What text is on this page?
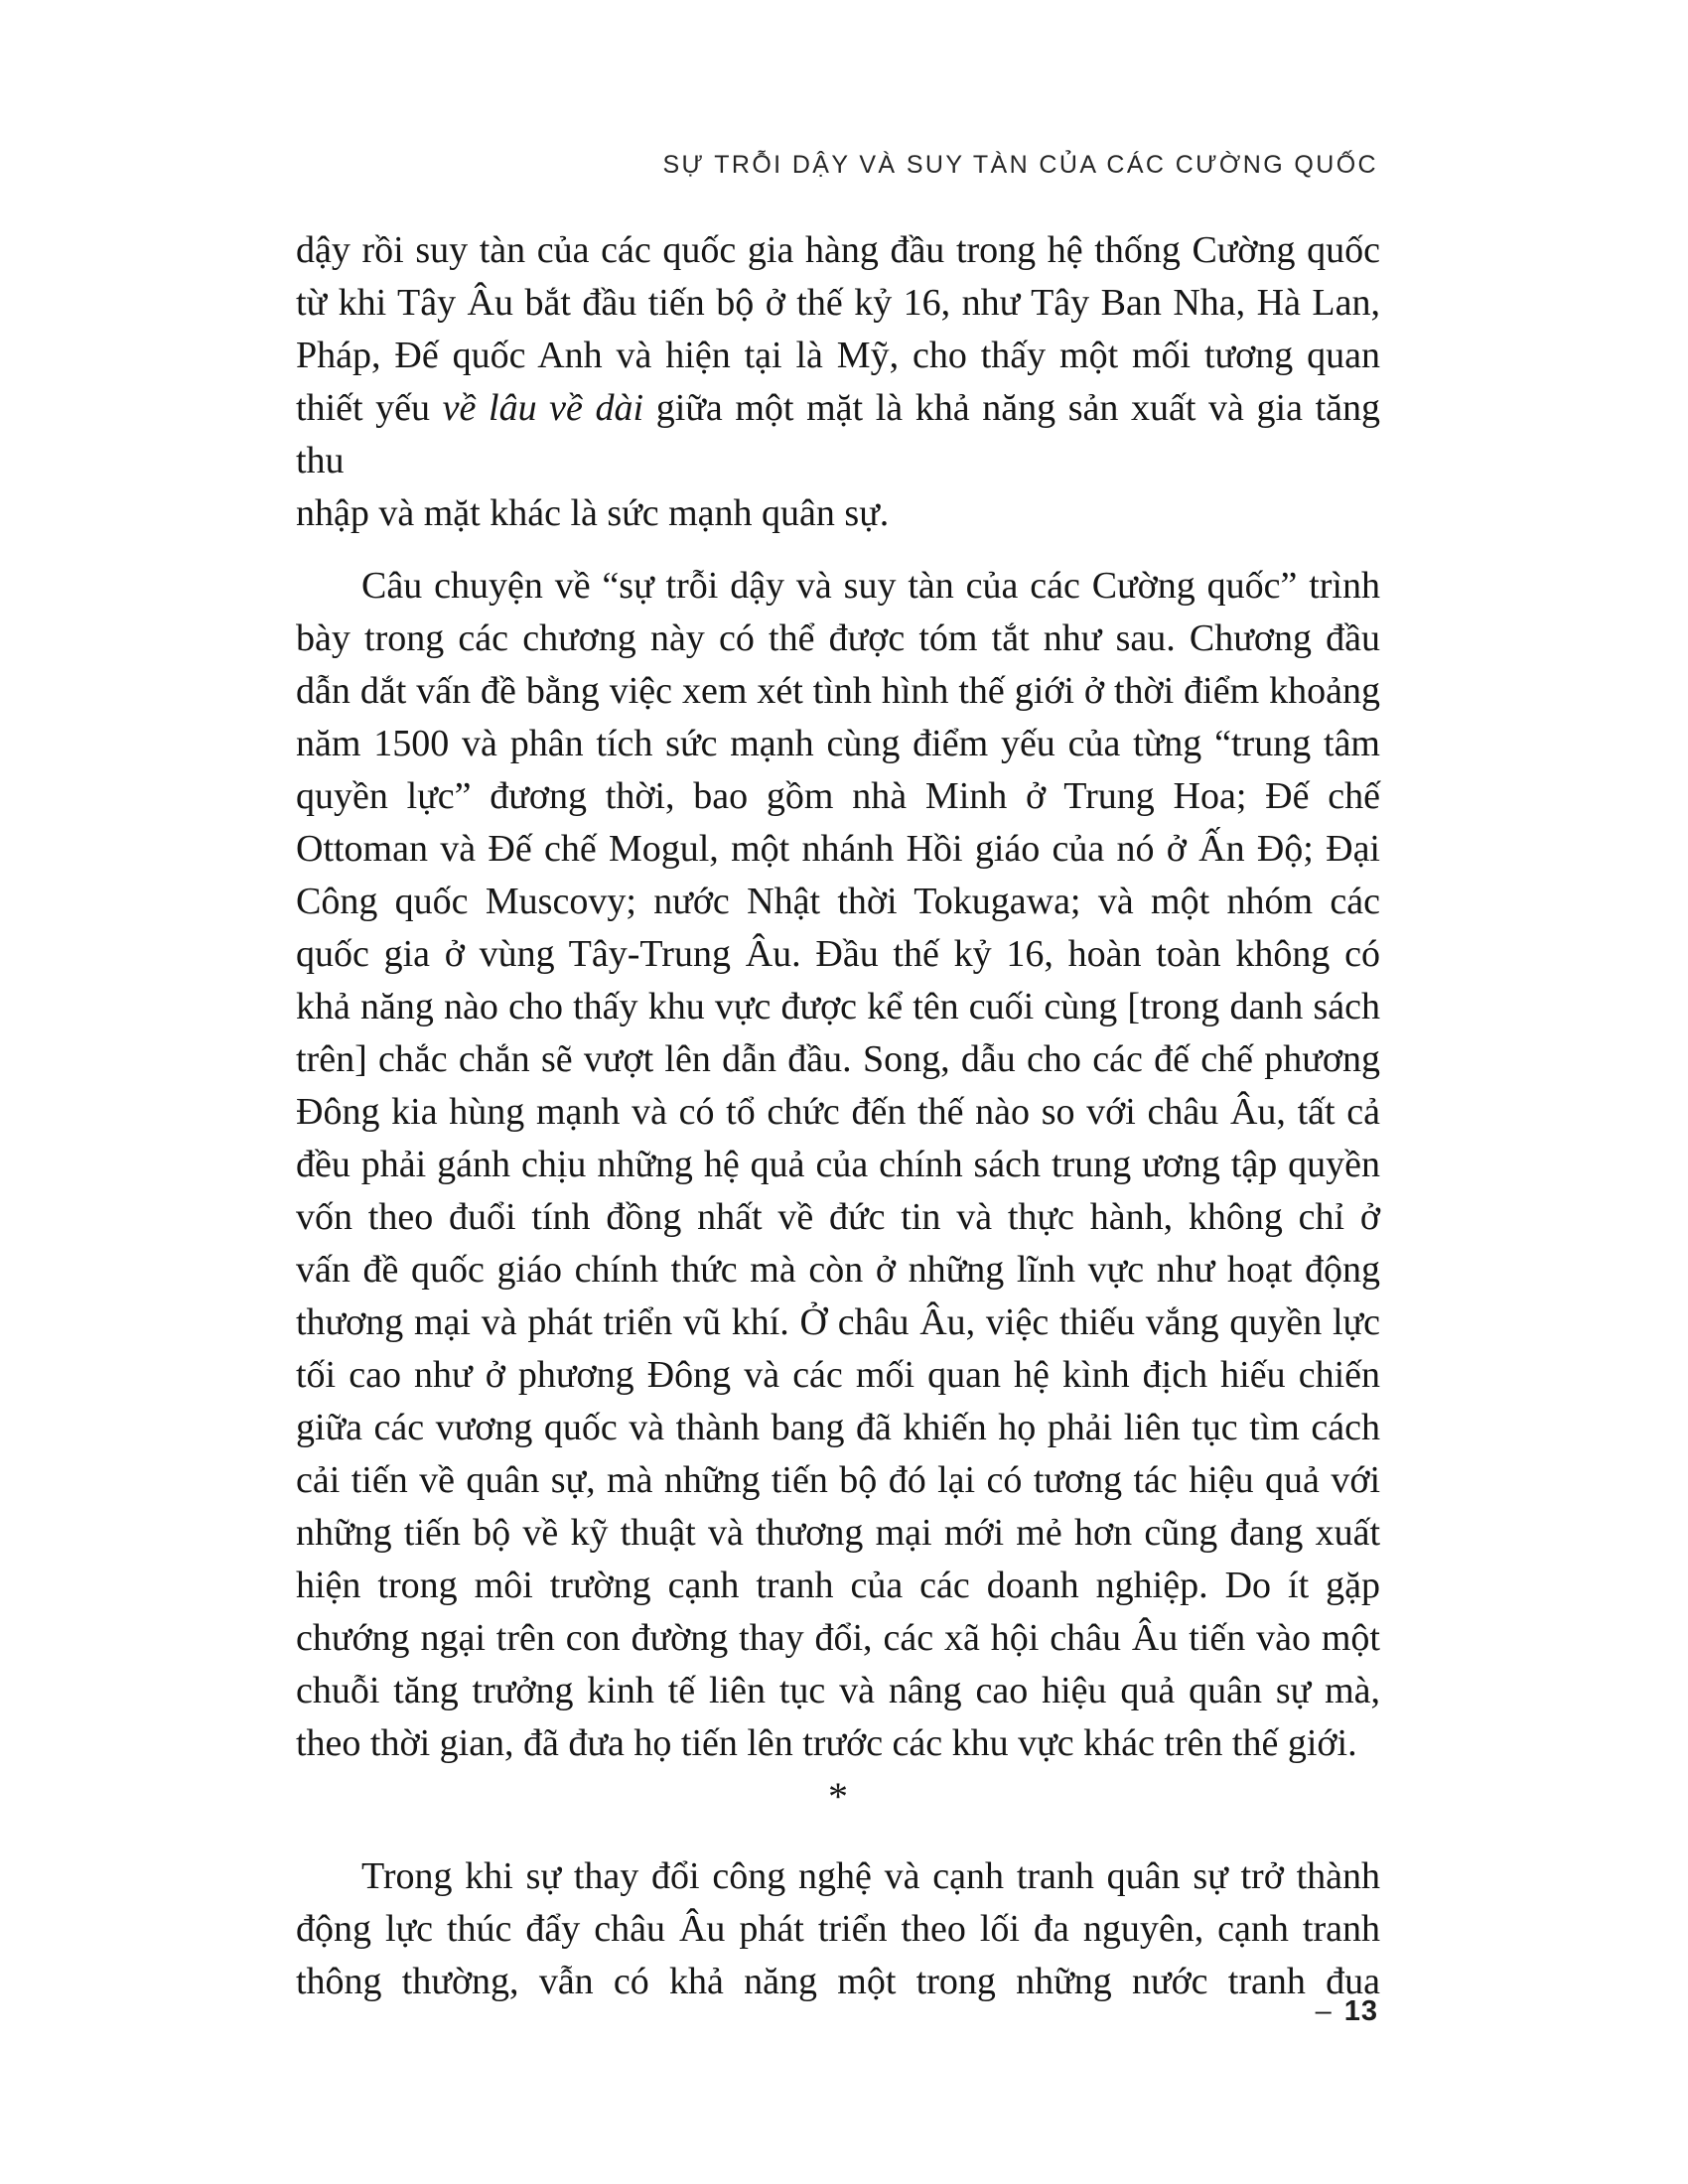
SỰ TRỖI DẬY VÀ SUY TÀN CỦA CÁC CƯỜNG QUỐC
dậy rồi suy tàn của các quốc gia hàng đầu trong hệ thống Cường quốc
từ khi Tây Âu bắt đầu tiến bộ ở thế kỷ 16, như Tây Ban Nha, Hà Lan,
Pháp, Đế quốc Anh và hiện tại là Mỹ, cho thấy một mối tương quan
thiết yếu về lâu về dài giữa một mặt là khả năng sản xuất và gia tăng thu
nhập và mặt khác là sức mạnh quân sự.
Câu chuyện về “sự trỗi dậy và suy tàn của các Cường quốc” trình
bày trong các chương này có thể được tóm tắt như sau. Chương đầu
dẫn dắt vấn đề bằng việc xem xét tình hình thế giới ở thời điểm khoảng
năm 1500 và phân tích sức mạnh cùng điểm yếu của từng “trung tâm
quyền lực” đương thời, bao gồm nhà Minh ở Trung Hoa; Đế chế
Ottoman và Đế chế Mogul, một nhánh Hồi giáo của nó ở Ấn Độ; Đại
Công quốc Muscovy; nước Nhật thời Tokugawa; và một nhóm các
quốc gia ở vùng Tây-Trung Âu. Đầu thế kỷ 16, hoàn toàn không có
khả năng nào cho thấy khu vực được kể tên cuối cùng [trong danh sách
trên] chắc chắn sẽ vượt lên dẫn đầu. Song, dẫu cho các đế chế phương
Đông kia hùng mạnh và có tổ chức đến thế nào so với châu Âu, tất cả
đều phải gánh chịu những hệ quả của chính sách trung ương tập quyền
vốn theo đuổi tính đồng nhất về đức tin và thực hành, không chỉ ở
vấn đề quốc giáo chính thức mà còn ở những lĩnh vực như hoạt động
thương mại và phát triển vũ khí. Ở châu Âu, việc thiếu vắng quyền lực
tối cao như ở phương Đông và các mối quan hệ kình địch hiếu chiến
giữa các vương quốc và thành bang đã khiến họ phải liên tục tìm cách
cải tiến về quân sự, mà những tiến bộ đó lại có tương tác hiệu quả với
những tiến bộ về kỹ thuật và thương mại mới mẻ hơn cũng đang xuất
hiện trong môi trường cạnh tranh của các doanh nghiệp. Do ít gặp
chướng ngại trên con đường thay đổi, các xã hội châu Âu tiến vào một
chuỗi tăng trưởng kinh tế liên tục và nâng cao hiệu quả quân sự mà,
theo thời gian, đã đưa họ tiến lên trước các khu vực khác trên thế giới.
*
Trong khi sự thay đổi công nghệ và cạnh tranh quân sự trở thành
động lực thúc đẩy châu Âu phát triển theo lối đa nguyên, cạnh tranh
thông thường, vẫn có khả năng một trong những nước tranh đua
– 13
